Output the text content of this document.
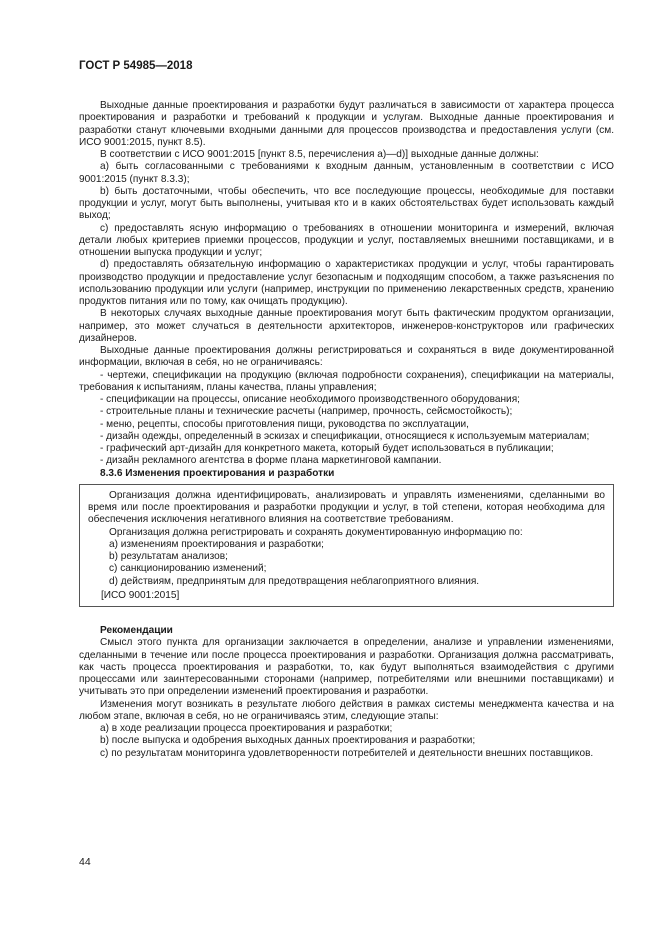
ГОСТ Р 54985—2018

Выходные данные проектирования и разработки будут различаться в зависимости от характера процесса проектирования и разработки и требований к продукции и услугам. Выходные данные проектирования и разработки станут ключевыми входными данными для процессов производства и предоставления услуги (см. ИСО 9001:2015, пункт 8.5).

В соответствии с ИСО 9001:2015 [пункт 8.5, перечисления a)—d)] выходные данные должны:

a) быть согласованными с требованиями к входным данным, установленным в соответствии с ИСО 9001:2015 (пункт 8.3.3);

b) быть достаточными, чтобы обеспечить, что все последующие процессы, необходимые для поставки продукции и услуг, могут быть выполнены, учитывая кто и в каких обстоятельствах будет использовать каждый выход;

c) предоставлять ясную информацию о требованиях в отношении мониторинга и измерений, включая детали любых критериев приемки процессов, продукции и услуг, поставляемых внешними поставщиками, и в отношении выпуска продукции и услуг;

d) предоставлять обязательную информацию о характеристиках продукции и услуг, чтобы гарантировать производство продукции и предоставление услуг безопасным и подходящим способом, а также разъяснения по использованию продукции или услуги (например, инструкции по применению лекарственных средств, хранению продуктов питания или по тому, как очищать продукцию).

В некоторых случаях выходные данные проектирования могут быть фактическим продуктом организации, например, это может случаться в деятельности архитекторов, инженеров-конструкторов или графических дизайнеров.

Выходные данные проектирования должны регистрироваться и сохраняться в виде документированной информации, включая в себя, но не ограничиваясь:

- чертежи, спецификации на продукцию (включая подробности сохранения), спецификации на материалы, требования к испытаниям, планы качества, планы управления;

- спецификации на процессы, описание необходимого производственного оборудования;

- строительные планы и технические расчеты (например, прочность, сейсмостойкость);

- меню, рецепты, способы приготовления пищи, руководства по эксплуатации,

- дизайн одежды, определенный в эскизах и спецификации, относящиеся к используемым материалам;

- графический арт-дизайн для конкретного макета, который будет использоваться в публикации;

- дизайн рекламного агентства в форме плана маркетинговой кампании.

8.3.6 Изменения проектирования и разработки

Организация должна идентифицировать, анализировать и управлять изменениями, сделанными во время или после проектирования и разработки продукции и услуг, в той степени, которая необходима для обеспечения исключения негативного влияния на соответствие требованиям.

Организация должна регистрировать и сохранять документированную информацию по:

a) изменениям проектирования и разработки;

b) результатам анализов;

c) санкционированию изменений;

d) действиям, предпринятым для предотвращения неблагоприятного влияния.

[ИСО 9001:2015]

Рекомендации

Смысл этого пункта для организации заключается в определении, анализе и управлении изменениями, сделанными в течение или после процесса проектирования и разработки. Организация должна рассматривать, как часть процесса проектирования и разработки, то, как будут выполняться взаимодействия с другими процессами или заинтересованными сторонами (например, потребителями или внешними поставщиками) и учитывать это при определении изменений проектирования и разработки.

Изменения могут возникать в результате любого действия в рамках системы менеджмента качества и на любом этапе, включая в себя, но не ограничиваясь этим, следующие этапы:

a) в ходе реализации процесса проектирования и разработки;

b) после выпуска и одобрения выходных данных проектирования и разработки;

c) по результатам мониторинга удовлетворенности потребителей и деятельности внешних поставщиков.

44
